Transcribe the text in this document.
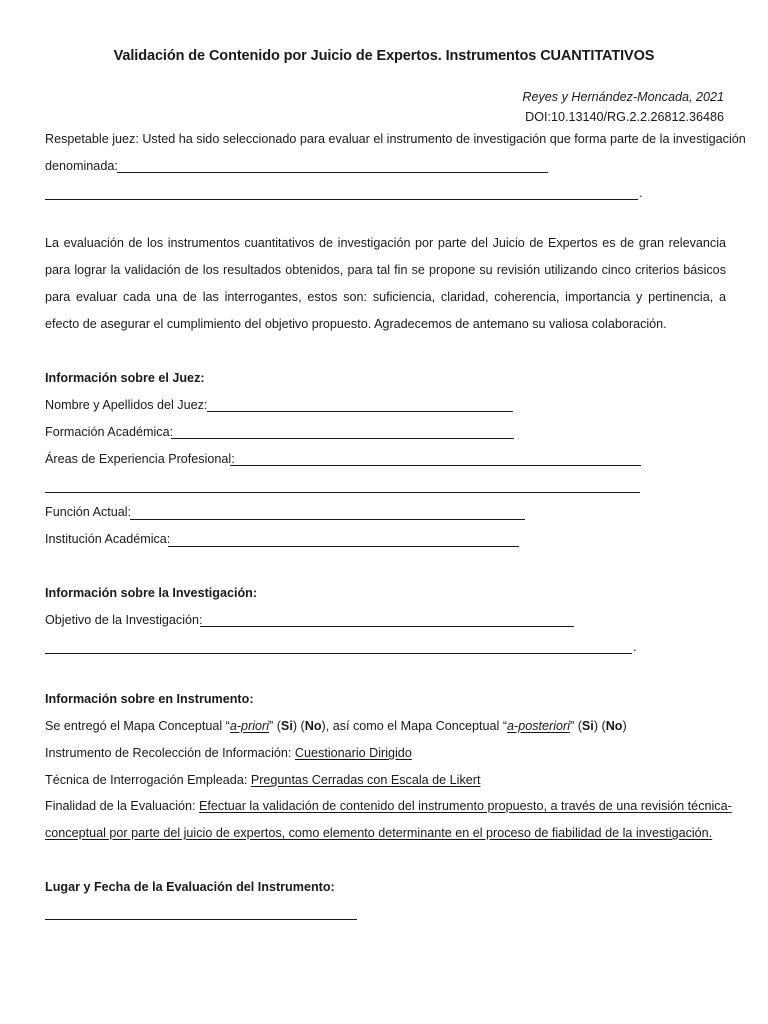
Validación de Contenido por Juicio de Expertos. Instrumentos CUANTITATIVOS
Reyes y Hernández-Moncada, 2021
DOI:10.13140/RG.2.2.26812.36486
Respetable juez: Usted ha sido seleccionado para evaluar el instrumento de investigación que forma parte de la investigación
denominada:
.
La evaluación de los instrumentos cuantitativos de investigación por parte del Juicio de Expertos es de gran relevancia para lograr la validación de los resultados obtenidos, para tal fin se propone su revisión utilizando cinco criterios básicos para evaluar cada una de las interrogantes, estos son: suficiencia, claridad, coherencia, importancia y pertinencia, a efecto de asegurar el cumplimiento del objetivo propuesto. Agradecemos de antemano su valiosa colaboración.
Información sobre el Juez:
Nombre y Apellidos del Juez:
Formación Académica:
Áreas de Experiencia Profesional:
Función Actual:
Institución Académica:
Información sobre la Investigación:
Objetivo de la Investigación:
.
Información sobre en Instrumento:
Se entregó el Mapa Conceptual “a-priori” (Si) (No), así como el Mapa Conceptual “a-posteriori” (Si) (No)
Instrumento de Recolección de Información: Cuestionario Dirigido
Técnica de Interrogación Empleada: Preguntas Cerradas con Escala de Likert
Finalidad de la Evaluación: Efectuar la validación de contenido del instrumento propuesto, a través de una revisión técnica-
conceptual por parte del juicio de expertos, como elemento determinante en el proceso de fiabilidad de la investigación.
Lugar y Fecha de la Evaluación del Instrumento:
